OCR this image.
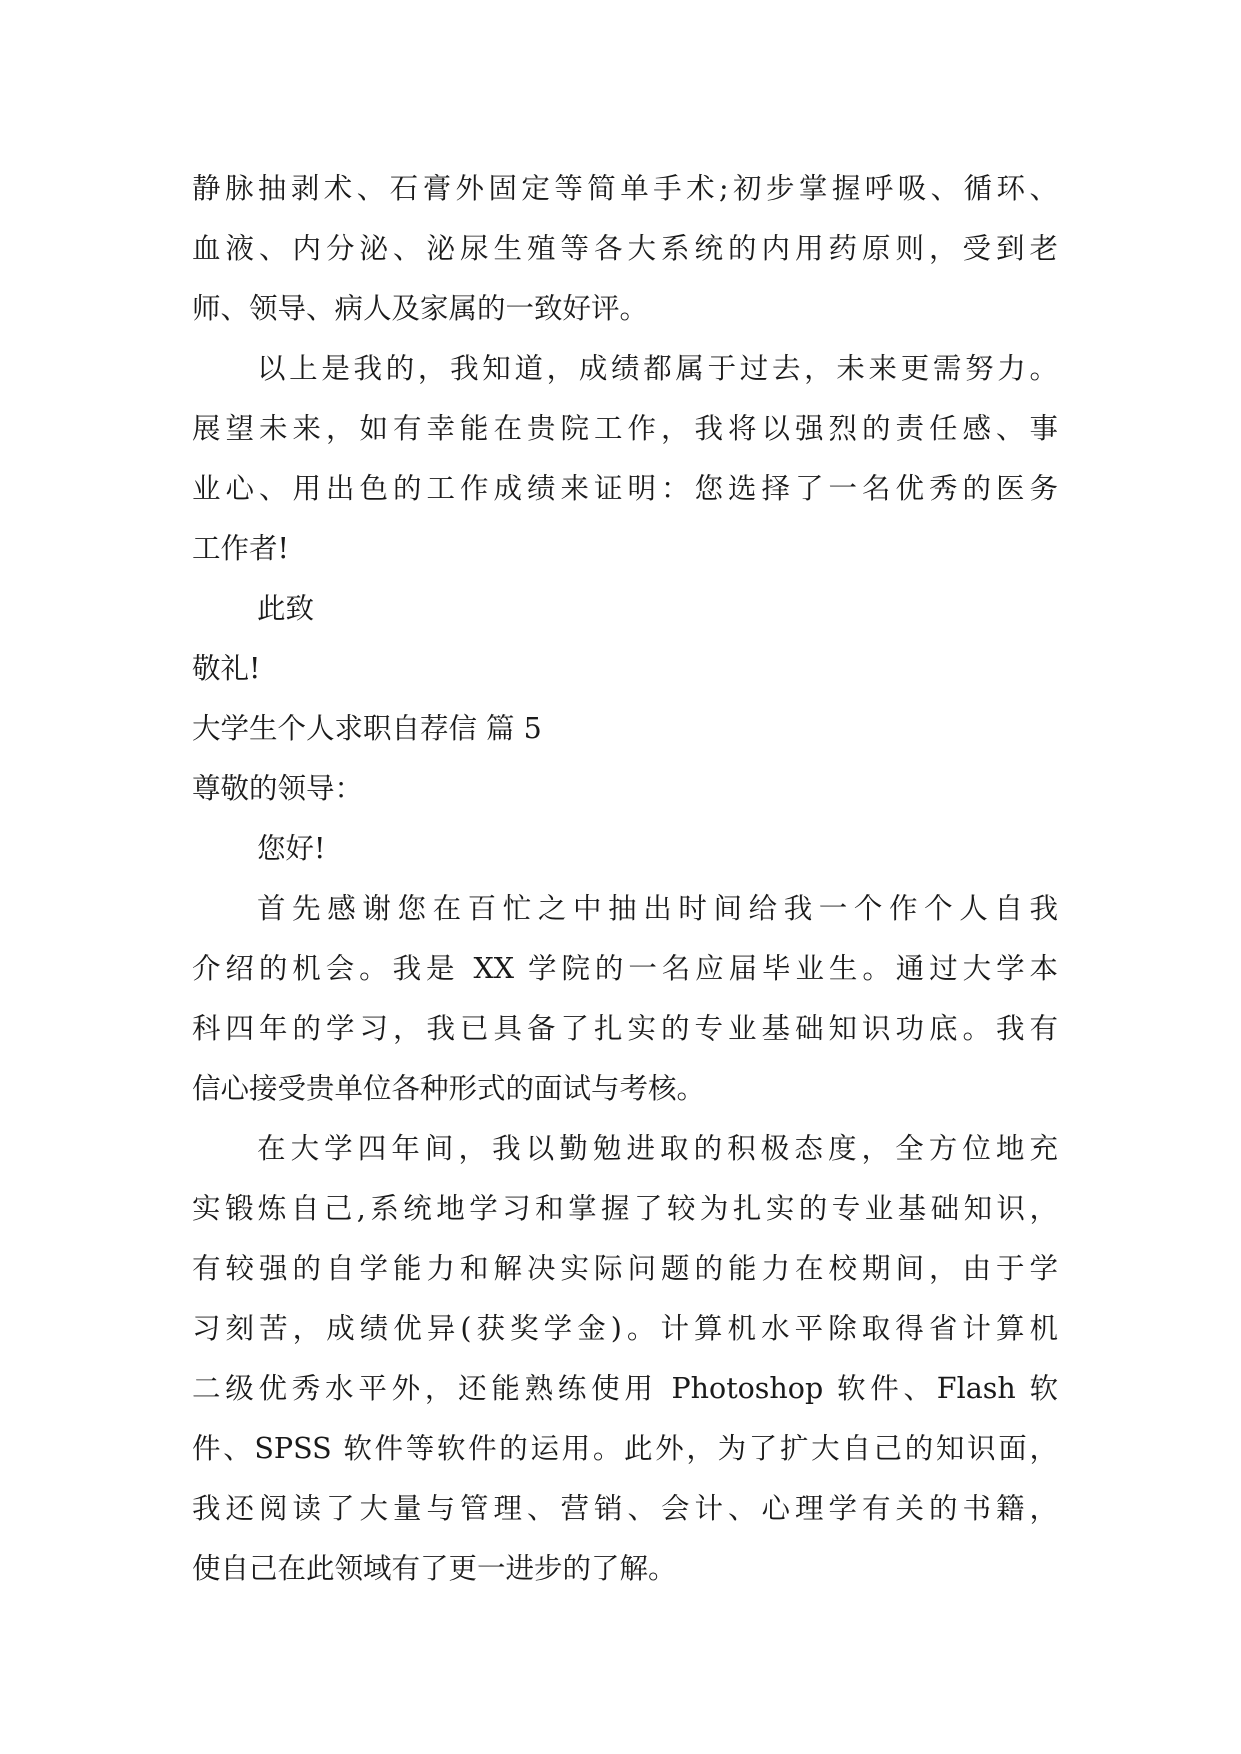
静脉抽剥术、石膏外固定等简单手术;初步掌握呼吸、循环、
血液、内分泌、泌尿生殖等各大系统的内用药原则，受到老
师、领导、病人及家属的一致好评。
以上是我的，我知道，成绩都属于过去，未来更需努力。
展望未来，如有幸能在贵院工作，我将以强烈的责任感、事
业心、用出色的工作成绩来证明：您选择了一名优秀的医务
工作者!
此致
敬礼!
大学生个人求职自荐信 篇 5
尊敬的领导：
您好!
首先感谢您在百忙之中抽出时间给我一个作个人自我
介绍的机会。我是 XX 学院的一名应届毕业生。通过大学本
科四年的学习，我已具备了扎实的专业基础知识功底。我有
信心接受贵单位各种形式的面试与考核。
在大学四年间，我以勤勉进取的积极态度，全方位地充
实锻炼自己,系统地学习和掌握了较为扎实的专业基础知识，
有较强的自学能力和解决实际问题的能力在校期间，由于学
习刻苦，成绩优异(获奖学金)。计算机水平除取得省计算机
二级优秀水平外，还能熟练使用 Photoshop 软件、Flash 软
件、SPSS 软件等软件的运用。此外，为了扩大自己的知识面，
我还阅读了大量与管理、营销、会计、心理学有关的书籍，
使自己在此领域有了更一进步的了解。
